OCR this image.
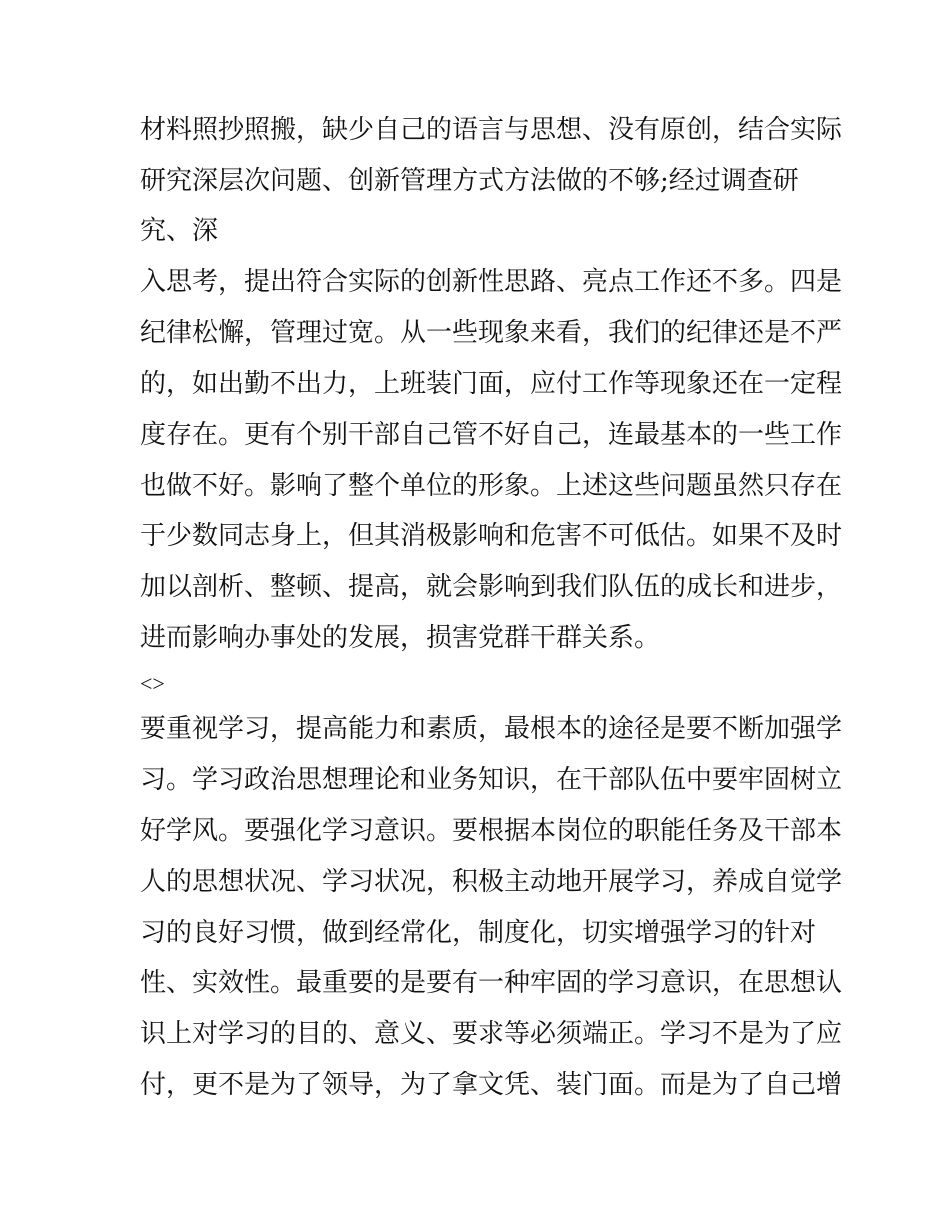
材料照抄照搬，缺少自己的语言与思想、没有原创，结合实际
研究深层次问题、创新管理方式方法做的不够;经过调查研
究、深
入思考，提出符合实际的创新性思路、亮点工作还不多。四是
纪律松懈，管理过宽。从一些现象来看，我们的纪律还是不严
的，如出勤不出力，上班装门面，应付工作等现象还在一定程
度存在。更有个别干部自己管不好自己，连最基本的一些工作
也做不好。影响了整个单位的形象。上述这些问题虽然只存在
于少数同志身上，但其消极影响和危害不可低估。如果不及时
加以剖析、整顿、提高，就会影响到我们队伍的成长和进步，
进而影响办事处的发展，损害党群干群关系。
<>
要重视学习，提高能力和素质，最根本的途径是要不断加强学
习。学习政治思想理论和业务知识，在干部队伍中要牢固树立
好学风。要强化学习意识。要根据本岗位的职能任务及干部本
人的思想状况、学习状况，积极主动地开展学习，养成自觉学
习的良好习惯，做到经常化，制度化，切实增强学习的针对
性、实效性。最重要的是要有一种牢固的学习意识，在思想认
识上对学习的目的、意义、要求等必须端正。学习不是为了应
付，更不是为了领导，为了拿文凭、装门面。而是为了自己增
